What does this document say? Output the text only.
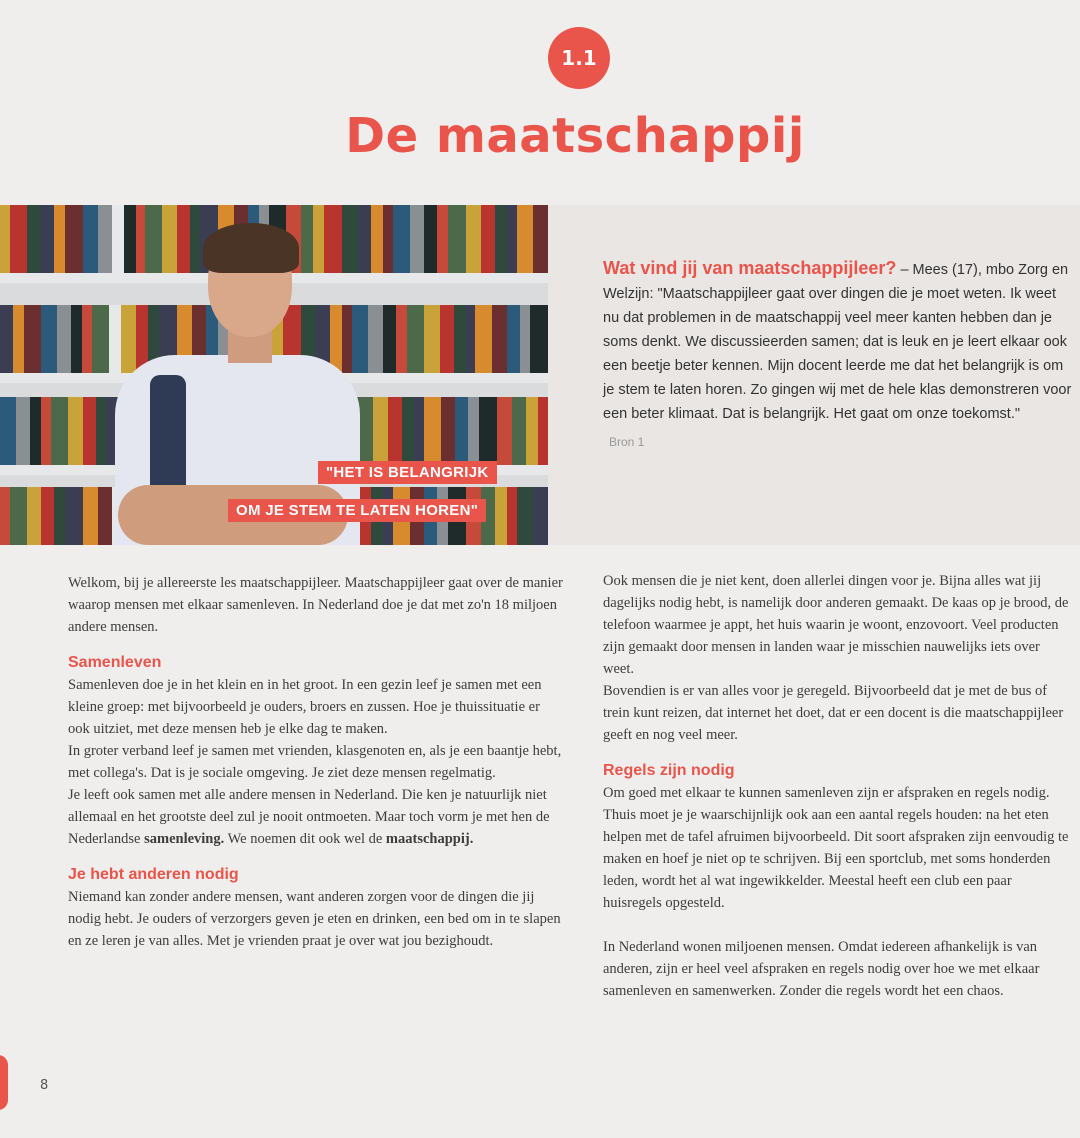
1.1
De maatschappij
"HET IS BELANGRIJK
OM JE STEM TE LATEN HOREN"
Wat vind jij van maatschappijleer? – Mees (17), mbo Zorg en Welzijn: "Maatschappijleer gaat over dingen die je moet weten. Ik weet nu dat problemen in de maatschappij veel meer kanten hebben dan je soms denkt. We discussieerden samen; dat is leuk en je leert elkaar ook een beetje beter kennen. Mijn docent leerde me dat het belangrijk is om je stem te laten horen. Zo gingen wij met de hele klas demonstreren voor een beter klimaat. Dat is belangrijk. Het gaat om onze toekomst."
Bron 1

Welkom, bij je allereerste les maatschappijleer. Maatschappijleer gaat over de manier waarop mensen met elkaar samenleven. In Nederland doe je dat met zo'n 18 miljoen andere mensen.

Samenleven

Samenleven doe je in het klein en in het groot. In een gezin leef je samen met een kleine groep: met bijvoorbeeld je ouders, broers en zussen. Hoe je thuissituatie er ook uitziet, met deze mensen heb je elke dag te maken.

In groter verband leef je samen met vrienden, klasgenoten en, als je een baantje hebt, met collega's. Dat is je sociale omgeving. Je ziet deze mensen regelmatig.

Je leeft ook samen met alle andere mensen in Nederland. Die ken je natuurlijk niet allemaal en het grootste deel zul je nooit ontmoeten. Maar toch vorm je met hen de Nederlandse samenleving. We noemen dit ook wel de maatschappij.

Je hebt anderen nodig

Niemand kan zonder andere mensen, want anderen zorgen voor de dingen die jij nodig hebt. Je ouders of verzorgers geven je eten en drinken, een bed om in te slapen en ze leren je van alles. Met je vrienden praat je over wat jou bezighoudt.

Ook mensen die je niet kent, doen allerlei dingen voor je. Bijna alles wat jij dagelijks nodig hebt, is namelijk door anderen gemaakt. De kaas op je brood, de telefoon waarmee je appt, het huis waarin je woont, enzovoort. Veel producten zijn gemaakt door mensen in landen waar je misschien nauwelijks iets over weet.

Bovendien is er van alles voor je geregeld. Bijvoorbeeld dat je met de bus of trein kunt reizen, dat internet het doet, dat er een docent is die maatschappijleer geeft en nog veel meer.

Regels zijn nodig

Om goed met elkaar te kunnen samenleven zijn er afspraken en regels nodig. Thuis moet je je waarschijnlijk ook aan een aantal regels houden: na het eten helpen met de tafel afruimen bijvoorbeeld. Dit soort afspraken zijn eenvoudig te maken en hoef je niet op te schrijven. Bij een sportclub, met soms honderden leden, wordt het al wat ingewikkelder. Meestal heeft een club een paar huisregels opgesteld.

In Nederland wonen miljoenen mensen. Omdat iedereen afhankelijk is van anderen, zijn er heel veel afspraken en regels nodig over hoe we met elkaar samenleven en samenwerken. Zonder die regels wordt het een chaos.

8
